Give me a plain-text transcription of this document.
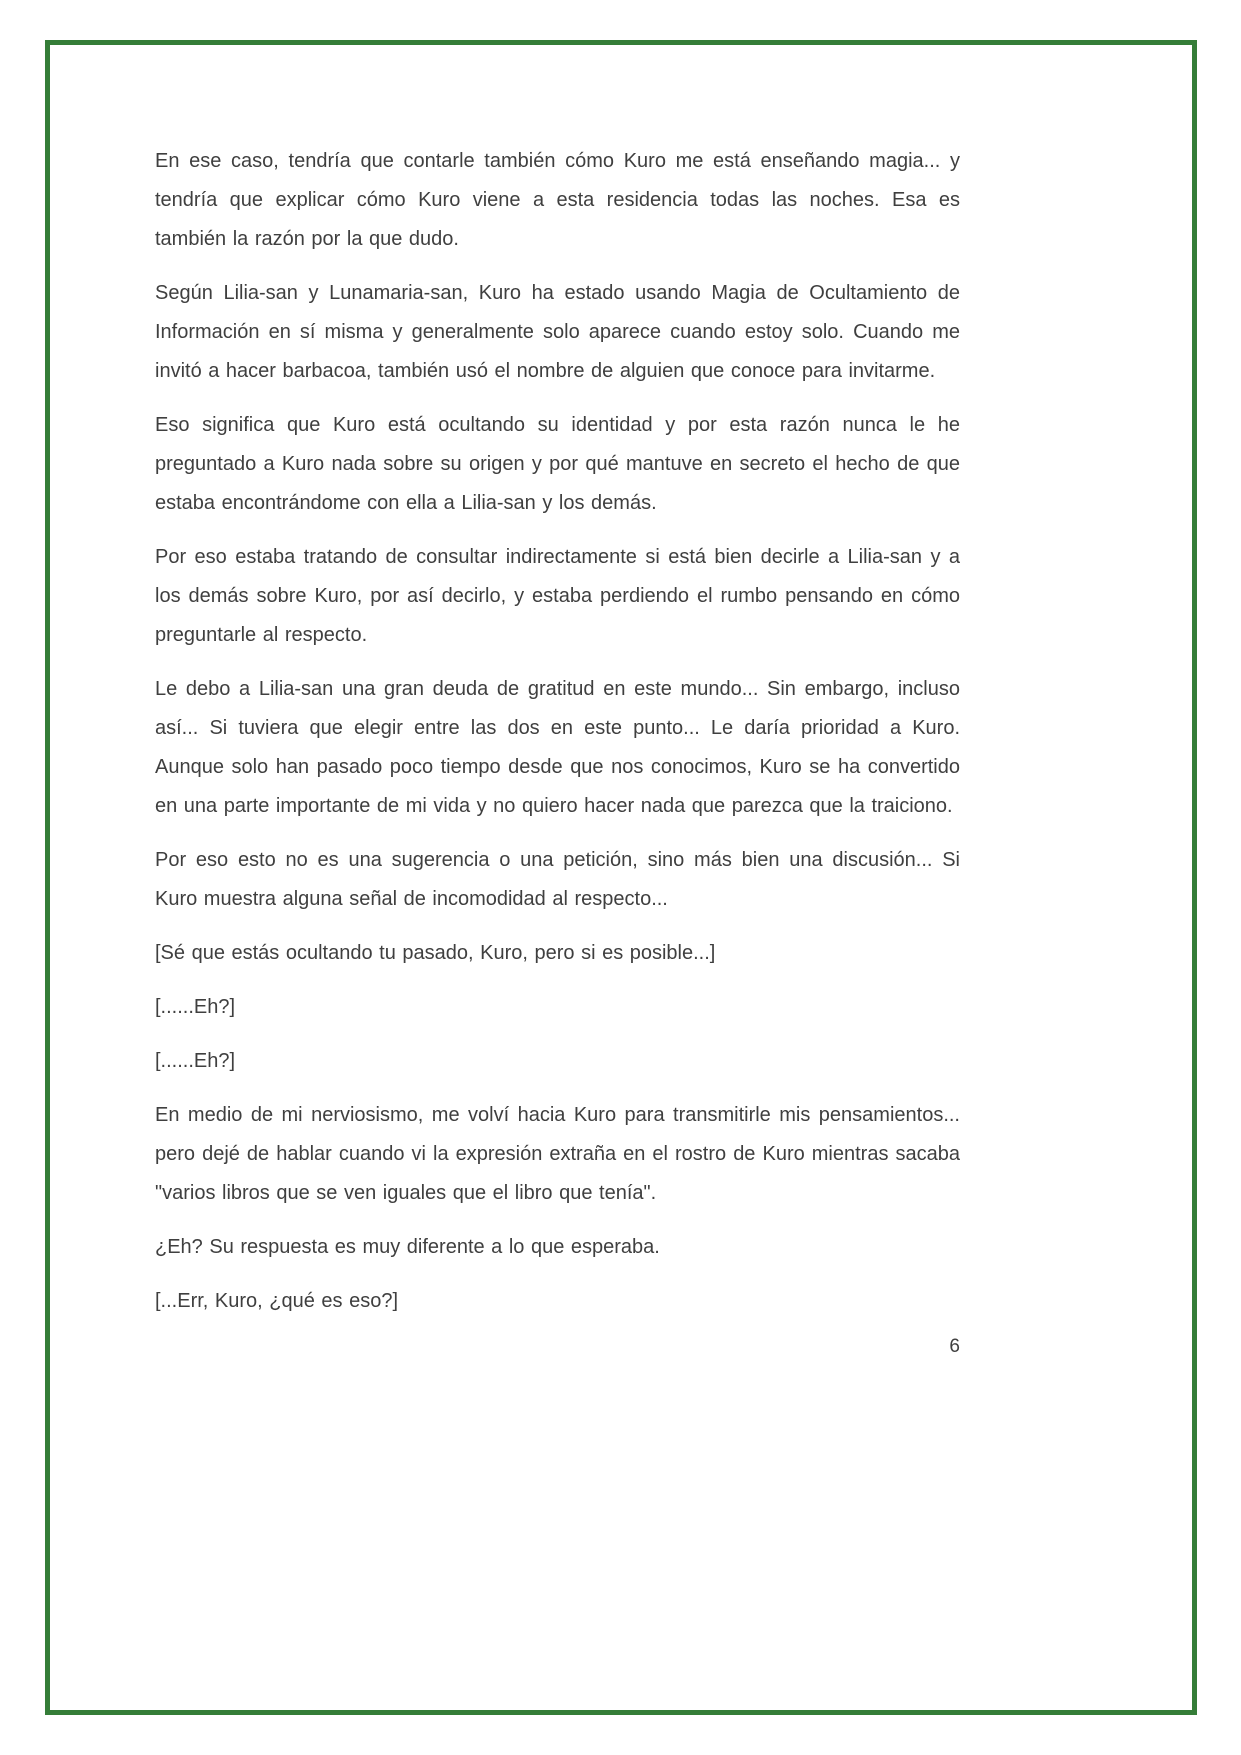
En ese caso, tendría que contarle también cómo Kuro me está enseñando magia... y tendría que explicar cómo Kuro viene a esta residencia todas las noches. Esa es también la razón por la que dudo.

Según Lilia-san y Lunamaria-san, Kuro ha estado usando Magia de Ocultamiento de Información en sí misma y generalmente solo aparece cuando estoy solo. Cuando me invitó a hacer barbacoa, también usó el nombre de alguien que conoce para invitarme.

Eso significa que Kuro está ocultando su identidad y por esta razón nunca le he preguntado a Kuro nada sobre su origen y por qué mantuve en secreto el hecho de que estaba encontrándome con ella a Lilia-san y los demás.

Por eso estaba tratando de consultar indirectamente si está bien decirle a Lilia-san y a los demás sobre Kuro, por así decirlo, y estaba perdiendo el rumbo pensando en cómo preguntarle al respecto.

Le debo a Lilia-san una gran deuda de gratitud en este mundo... Sin embargo, incluso así... Si tuviera que elegir entre las dos en este punto... Le daría prioridad a Kuro. Aunque solo han pasado poco tiempo desde que nos conocimos, Kuro se ha convertido en una parte importante de mi vida y no quiero hacer nada que parezca que la traiciono.

Por eso esto no es una sugerencia o una petición, sino más bien una discusión... Si Kuro muestra alguna señal de incomodidad al respecto...

[Sé que estás ocultando tu pasado, Kuro, pero si es posible...]

[......Eh?]

[......Eh?]

En medio de mi nerviosismo, me volví hacia Kuro para transmitirle mis pensamientos... pero dejé de hablar cuando vi la expresión extraña en el rostro de Kuro mientras sacaba "varios libros que se ven iguales que el libro que tenía".

¿Eh? Su respuesta es muy diferente a lo que esperaba.

[...Err, Kuro, ¿qué es eso?]

6
